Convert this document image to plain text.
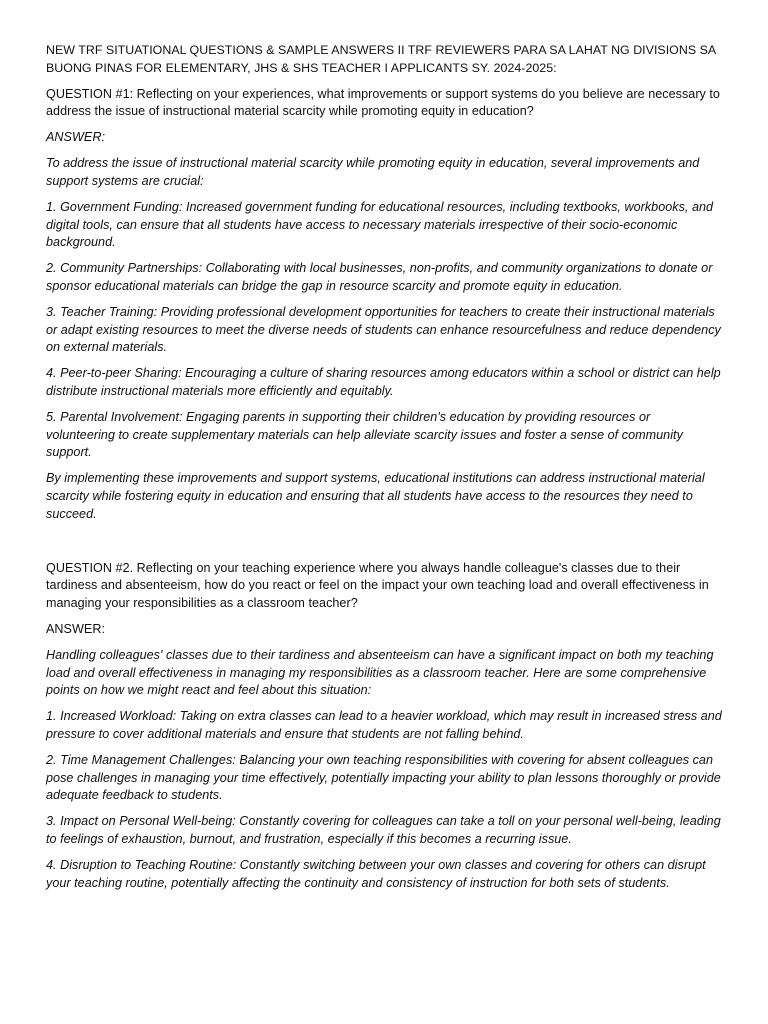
NEW TRF SITUATIONAL QUESTIONS & SAMPLE ANSWERS II TRF REVIEWERS PARA SA LAHAT NG DIVISIONS SA BUONG PINAS FOR ELEMENTARY, JHS & SHS TEACHER I APPLICANTS SY. 2024-2025:

QUESTION #1: Reflecting on your experiences, what improvements or support systems do you believe are necessary to address the issue of instructional material scarcity while promoting equity in education?

ANSWER:

To address the issue of instructional material scarcity while promoting equity in education, several improvements and support systems are crucial:

1. Government Funding: Increased government funding for educational resources, including textbooks, workbooks, and digital tools, can ensure that all students have access to necessary materials irrespective of their socio-economic background.

2. Community Partnerships: Collaborating with local businesses, non-profits, and community organizations to donate or sponsor educational materials can bridge the gap in resource scarcity and promote equity in education.

3. Teacher Training: Providing professional development opportunities for teachers to create their instructional materials or adapt existing resources to meet the diverse needs of students can enhance resourcefulness and reduce dependency on external materials.

4. Peer-to-peer Sharing: Encouraging a culture of sharing resources among educators within a school or district can help distribute instructional materials more efficiently and equitably.

5. Parental Involvement: Engaging parents in supporting their children's education by providing resources or volunteering to create supplementary materials can help alleviate scarcity issues and foster a sense of community support.

By implementing these improvements and support systems, educational institutions can address instructional material scarcity while fostering equity in education and ensuring that all students have access to the resources they need to succeed.

QUESTION #2. Reflecting on your teaching experience where you always handle colleague's classes due to their tardiness and absenteeism, how do you react or feel on the impact your own teaching load and overall effectiveness in managing your responsibilities as a classroom teacher?

ANSWER:

Handling colleagues' classes due to their tardiness and absenteeism can have a significant impact on both my teaching load and overall effectiveness in managing my responsibilities as a classroom teacher. Here are some comprehensive points on how we might react and feel about this situation:

1. Increased Workload: Taking on extra classes can lead to a heavier workload, which may result in increased stress and pressure to cover additional materials and ensure that students are not falling behind.

2. Time Management Challenges: Balancing your own teaching responsibilities with covering for absent colleagues can pose challenges in managing your time effectively, potentially impacting your ability to plan lessons thoroughly or provide adequate feedback to students.

3. Impact on Personal Well-being: Constantly covering for colleagues can take a toll on your personal well-being, leading to feelings of exhaustion, burnout, and frustration, especially if this becomes a recurring issue.

4. Disruption to Teaching Routine: Constantly switching between your own classes and covering for others can disrupt your teaching routine, potentially affecting the continuity and consistency of instruction for both sets of students.
